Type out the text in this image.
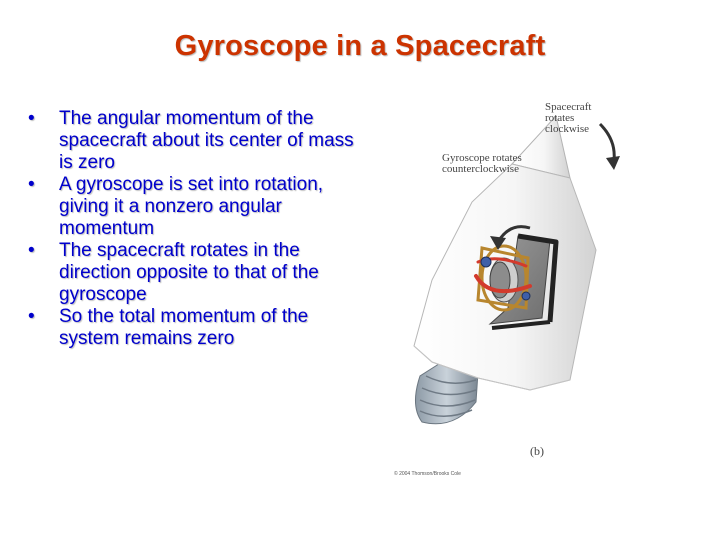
Gyroscope in a Spacecraft
•	The angular momentum of the spacecraft about its center of mass is zero
•	A gyroscope is set into rotation, giving it a nonzero angular momentum
•	The spacecraft rotates in the direction opposite to that of the gyroscope
•	So the total momentum of the system remains zero
Spacecraft
rotates
clockwise
Gyroscope rotates
counterclockwise
(b)
© 2004 Thomson/Brooks Cole
